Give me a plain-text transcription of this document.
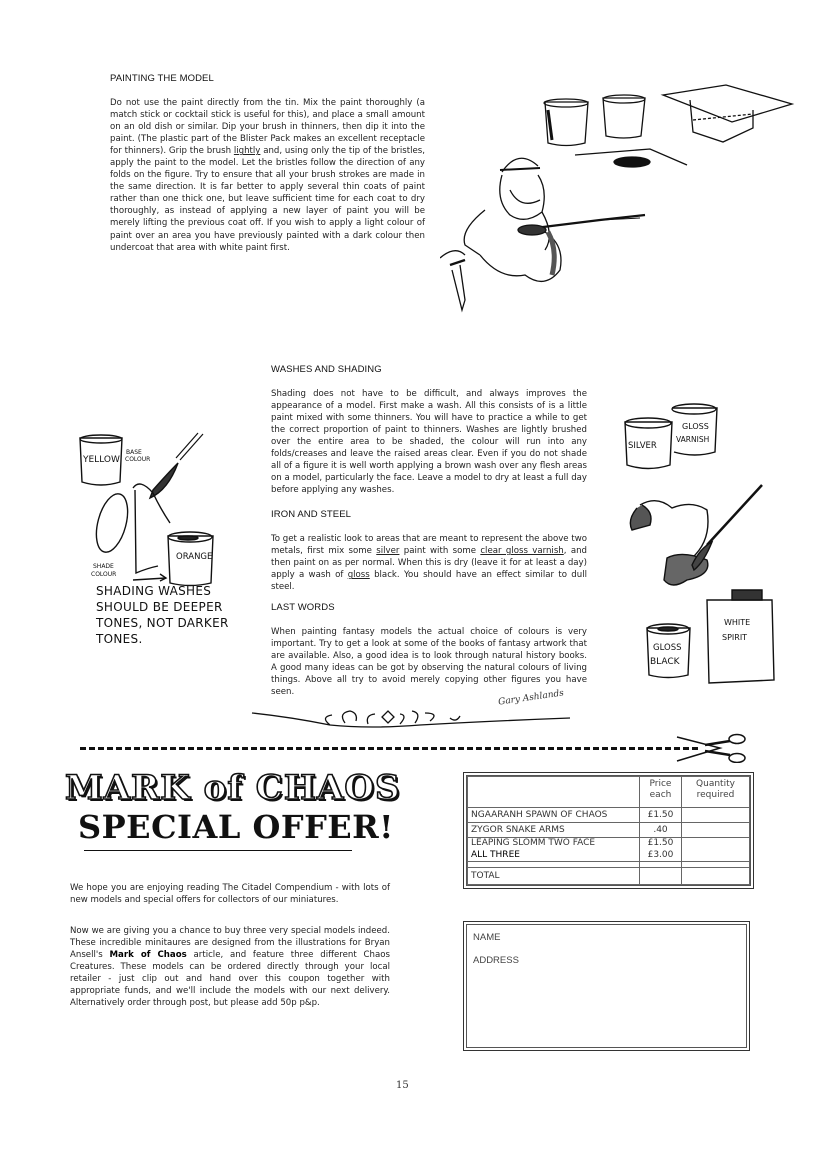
PAINTING THE MODEL

Do not use the paint directly from the tin. Mix the paint thoroughly (a match stick or cocktail stick is useful for this), and place a small amount on an old dish or similar. Dip your brush in thinners, then dip it into the paint. (The plastic part of the Blister Pack makes an excellent receptacle for thinners). Grip the brush lightly and, using only the tip of the bristles, apply the paint to the model. Let the bristles follow the direction of any folds on the figure. Try to ensure that all your brush strokes are made in the same direction. It is far better to apply several thin coats of paint rather than one thick one, but leave sufficient time for each coat to dry thoroughly, as instead of applying a new layer of paint you will be merely lifting the previous coat off. If you wish to apply a light colour of paint over an area you have previously painted with a dark colour then undercoat that area with white paint first.

WASHES AND SHADING
Shading does not have to be difficult, and always improves the appearance of a model. First make a wash. All this consists of is a little paint mixed with some thinners. You will have to practice a while to get the correct proportion of paint to thinners. Washes are lightly brushed over the entire area to be shaded, the colour will run into any folds/creases and leave the raised areas clear. Even if you do not shade all of a figure it is well worth applying a brown wash over any flesh areas on a model, particularly the face. Leave a model to dry at least a full day before applying any washes.
IRON AND STEEL

To get a realistic look to areas that are meant to represent the above two metals, first mix some silver paint with some clear gloss varnish, and then paint on as per normal. When this is dry (leave it for at least a day) apply a wash of gloss black. You should have an effect similar to dull steel.

LAST WORDS
When painting fantasy models the actual choice of colours is very important. Try to get a look at some of the books of fantasy artwork that are available. Also, a good idea is to look through natural history books. A good many ideas can be got by observing the natural colours of living things. Above all try to avoid merely copying other figures you have seen.	Gary Ashlands
YELLOW
BASE
COLOUR
ORANGE
SHADE
COLOUR
SHADING WASHES
SHOULD BE DEEPER
TONES, NOT DARKER
TONES.
SILVER
GLOSS
VARNISH
WHITE
SPIRIT
GLOSS
BLACK
MARK of CHAOS
SPECIAL OFFER!
We hope you are enjoying reading The Citadel Compendium - with lots of new models and special offers for collectors of our miniatures.

Now we are giving you a chance to buy three very special models indeed. These incredible minitaures are designed from the illustrations for Bryan Ansell's Mark of Chaos article, and feature three different Chaos Creatures. These models can be ordered directly through your local retailer - just clip out and hand over this coupon together with appropriate funds, and we'll include the models with our next delivery. Alternatively order through post, but please add 50p p&p.

	Price each	Quantity required
NGAARANH SPAWN OF CHAOS	£1.50	
ZYGOR SNAKE ARMS	.40	
LEAPING SLOMM TWO FACE	£1.50	
ALL THREE	£3.00	

TOTAL		
NAME
ADDRESS
15
